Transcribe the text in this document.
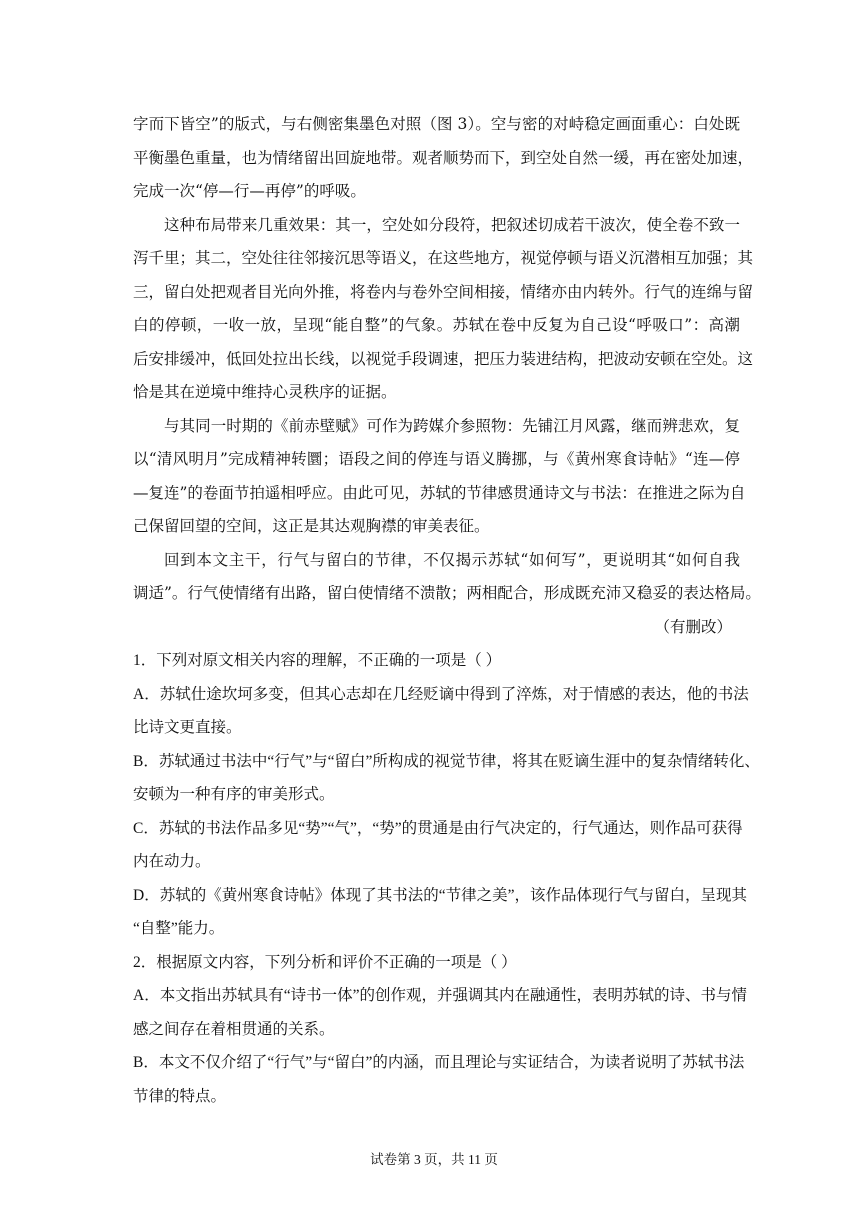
字而下皆空”的版式，与右侧密集墨色对照（图 3）。空与密的对峙稳定画面重心：白处既
平衡墨色重量，也为情绪留出回旋地带。观者顺势而下，到空处自然一缓，再在密处加速，
完成一次“停—行—再停”的呼吸。
这种布局带来几重效果：其一，空处如分段符，把叙述切成若干波次，使全卷不致一
泻千里；其二，空处往往邻接沉思等语义，在这些地方，视觉停顿与语义沉潜相互加强；其
三，留白处把观者目光向外推，将卷内与卷外空间相接，情绪亦由内转外。行气的连绵与留
白的停顿，一收一放，呈现“能自整”的气象。苏轼在卷中反复为自己设“呼吸口”：高潮
后安排缓冲，低回处拉出长线，以视觉手段调速，把压力装进结构，把波动安顿在空处。这
恰是其在逆境中维持心灵秩序的证据。
与其同一时期的《前赤壁赋》可作为跨媒介参照物：先铺江月风露，继而辨悲欢，复
以“清风明月”完成精神转圜；语段之间的停连与语义腾挪，与《黄州寒食诗帖》“连—停
—复连”的卷面节拍遥相呼应。由此可见，苏轼的节律感贯通诗文与书法：在推进之际为自
己保留回望的空间，这正是其达观胸襟的审美表征。
回到本文主干，行气与留白的节律，不仅揭示苏轼“如何写”，更说明其“如何自我
调适”。行气使情绪有出路，留白使情绪不溃散；两相配合，形成既充沛又稳妥的表达格局。
（有删改）
1．下列对原文相关内容的理解，不正确的一项是（ ）
A．苏轼仕途坎坷多变，但其心志却在几经贬谪中得到了淬炼，对于情感的表达，他的书法
比诗文更直接。
B．苏轼通过书法中“行气”与“留白”所构成的视觉节律，将其在贬谪生涯中的复杂情绪转化、
安顿为一种有序的审美形式。
C．苏轼的书法作品多见“势”“气”，“势”的贯通是由行气决定的，行气通达，则作品可获得
内在动力。
D．苏轼的《黄州寒食诗帖》体现了其书法的“节律之美”，该作品体现行气与留白，呈现其
“自整”能力。
2．根据原文内容，下列分析和评价不正确的一项是（ ）
A．本文指出苏轼具有“诗书一体”的创作观，并强调其内在融通性，表明苏轼的诗、书与情
感之间存在着相贯通的关系。
B．本文不仅介绍了“行气”与“留白”的内涵，而且理论与实证结合，为读者说明了苏轼书法
节律的特点。
试卷第 3 页，共 11 页
